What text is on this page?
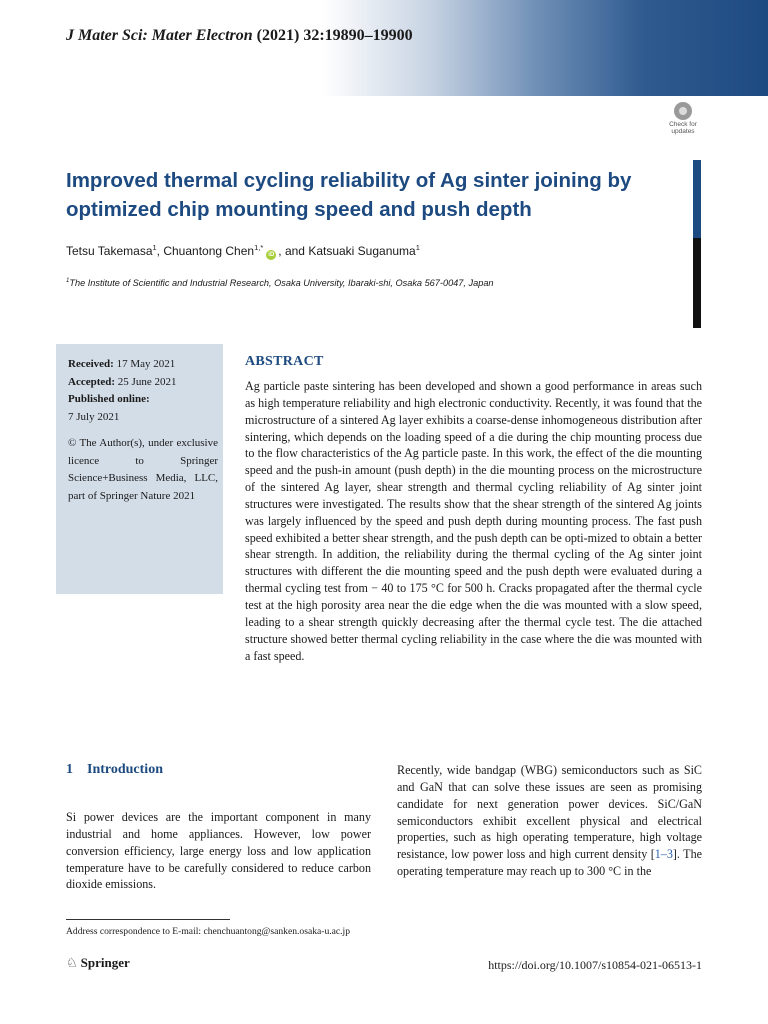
J Mater Sci: Mater Electron (2021) 32:19890–19900
Check for
updates
Improved thermal cycling reliability of Ag sinter joining by optimized chip mounting speed and push depth
Tetsu Takemasa$^1$, Chuantong Chen$^{1,*}$iD , and Katsuaki Suganuma$^1$
$^1$The Institute of Scientific and Industrial Research, Osaka University, Ibaraki-shi, Osaka 567-0047, Japan
Received: 17 May 2021
Accepted: 25 June 2021
Published online:
7 July 2021
© The Author(s), under exclusive licence to Springer Science+Business Media, LLC, part of Springer Nature 2021
ABSTRACT

Ag particle paste sintering has been developed and shown a good performance in areas such as high temperature reliability and high electronic conductivity. Recently, it was found that the microstructure of a sintered Ag layer exhibits a coarse-dense inhomogeneous distribution after sintering, which depends on the loading speed of a die during the chip mounting process due to the flow characteristics of the Ag particle paste. In this work, the effect of the die mounting speed and the push-in amount (push depth) in the die mounting process on the microstructure of the sintered Ag layer, shear strength and thermal cycling reliability of Ag sinter joint structures were investigated. The results show that the shear strength of the sintered Ag joints was largely influenced by the speed and push depth during mounting process. The fast push speed exhibited a better shear strength, and the push depth can be opti-mized to obtain a better shear strength. In addition, the reliability during the thermal cycling of the Ag sinter joint structures with different the die mounting speed and the push depth were evaluated during a thermal cycling test from − 40 to 175 °C for 500 h. Cracks propagated after the thermal cycle test at the high porosity area near the die edge when the die was mounted with a slow speed, leading to a shear strength quickly decreasing after the thermal cycle test. The die attached structure showed better thermal cycling reliability in the case where the die was mounted with a fast speed.

1 Introduction

Si power devices are the important component in many industrial and home appliances. However, low power conversion efficiency, large energy loss and low application temperature have to be carefully considered to reduce carbon dioxide emissions.

Recently, wide bandgap (WBG) semiconductors such as SiC and GaN that can solve these issues are seen as promising candidate for next generation power devices. SiC/GaN semiconductors exhibit excellent physical and electrical properties, such as high operating temperature, high voltage resistance, low power loss and high current density [1–3]. The operating temperature may reach up to 300 °C in the

Address correspondence to E-mail: chenchuantong@sanken.osaka-u.ac.jp
♘ Springer	https://doi.org/10.1007/s10854-021-06513-1
